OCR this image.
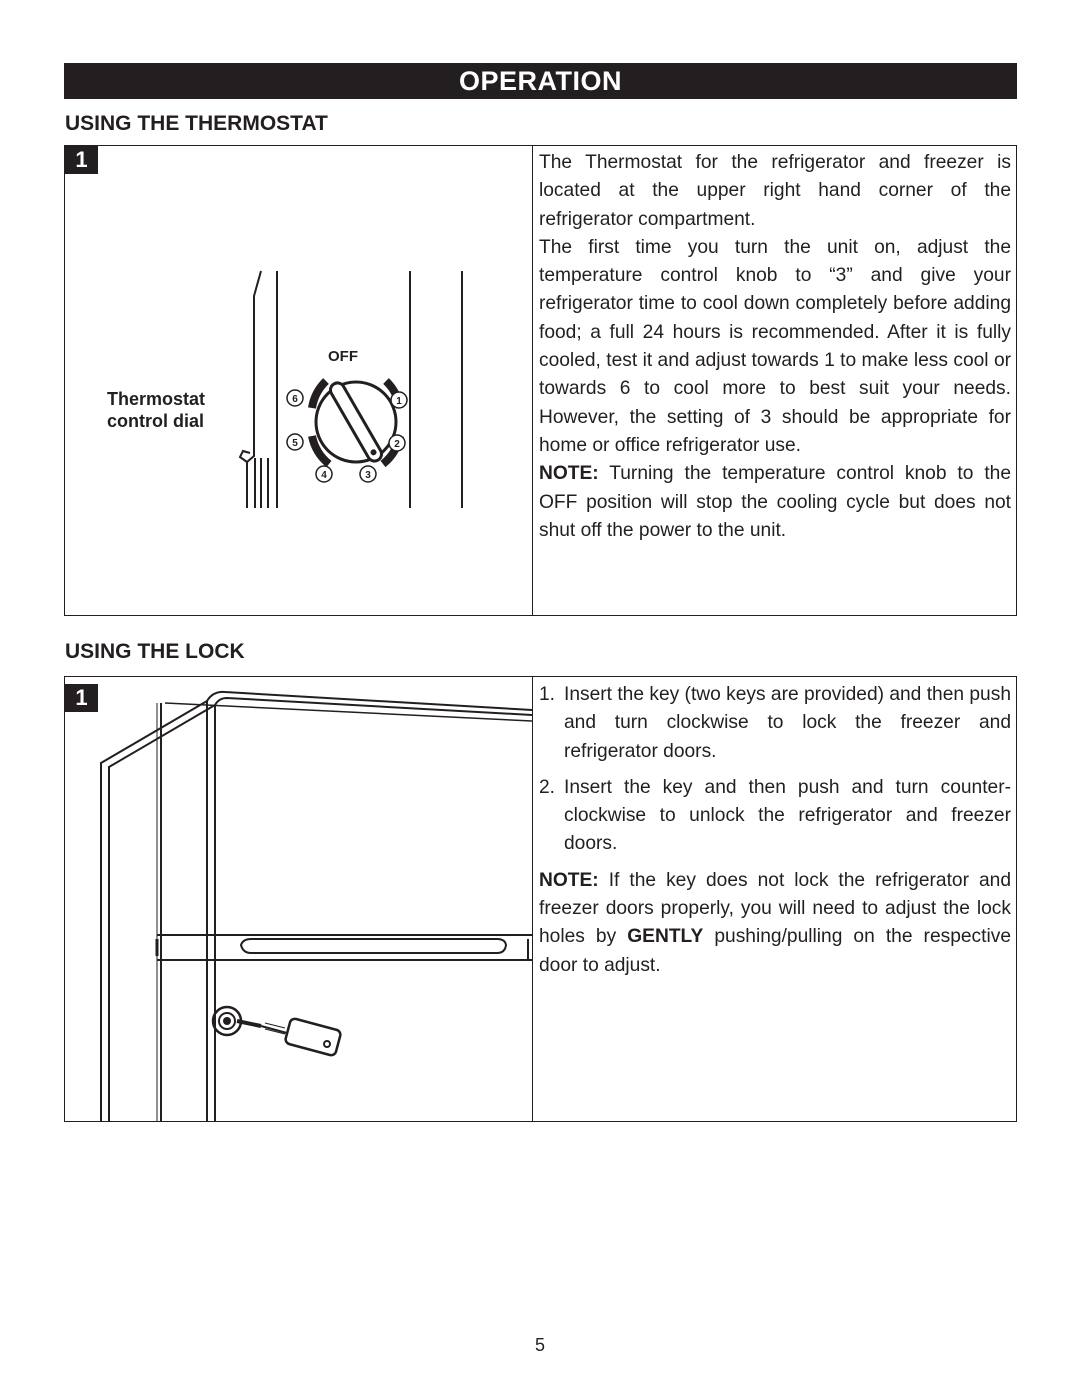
OPERATION
USING THE THERMOSTAT
1
6	1
5	2
4	3
OFF
Thermostat
control dial

The Thermostat for the refrigerator and freezer is located at the upper right hand corner of the refrigerator compartment.

The first time you turn the unit on, adjust the temperature control knob to “3” and give your refrigerator time to cool down completely before adding food; a full 24 hours is recommended. After it is fully cooled, test it and adjust towards 1 to make less cool or towards 6 to cool more to best suit your needs. However, the setting of 3 should be appropriate for home or office refrigerator use.

NOTE: Turning the temperature control knob to the OFF position will stop the cooling cycle but does not shut off the power to the unit.

USING THE LOCK
1	1. Insert the key (two keys are provided) and then push and turn clockwise to lock the freezer and refrigerator doors.
2. Insert the key and then push and turn counter-clockwise to unlock the refrigerator and freezer doors.

NOTE: If the key does not lock the refrigerator and freezer doors properly, you will need to adjust the lock holes by GENTLY pushing/pulling on the respective door to adjust.

5
